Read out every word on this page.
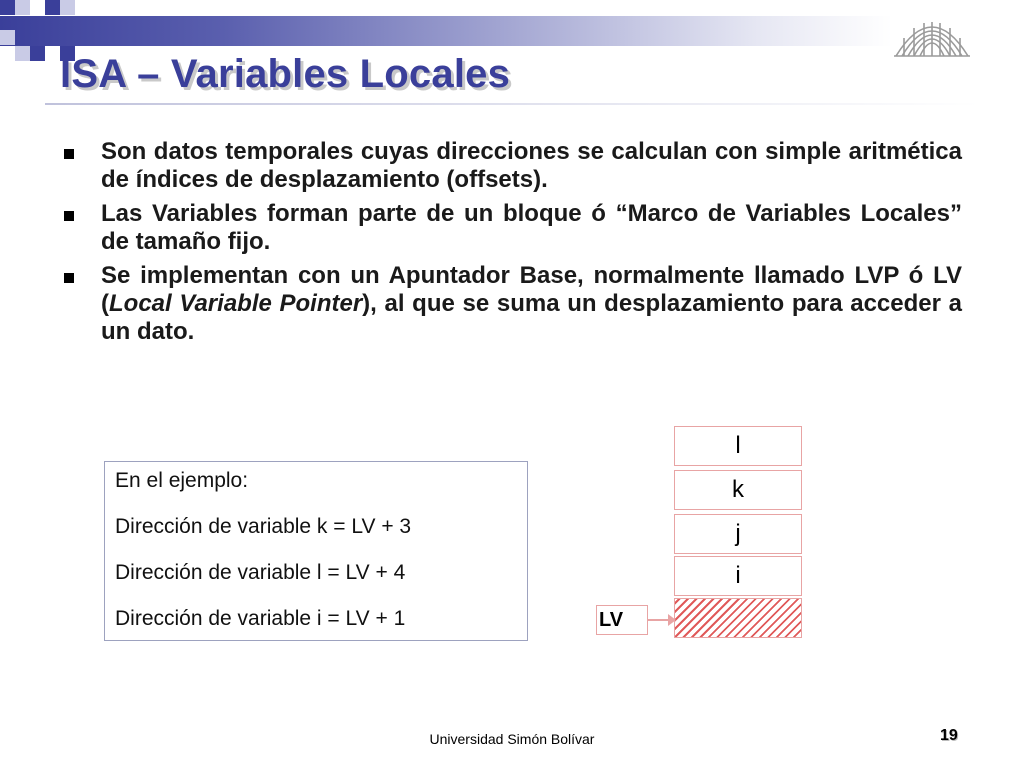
ISA – Variables Locales
Son datos temporales cuyas direcciones se calculan con simple aritmética de índices de desplazamiento (offsets).
Las Variables forman parte de un bloque ó “Marco de Variables Locales” de tamaño fijo.
Se implementan con un Apuntador Base, normalmente llamado LVP ó LV (Local Variable Pointer), al que se suma un desplazamiento para acceder a un dato.
En el ejemplo:
Dirección de variable k = LV + 3
Dirección de variable l = LV + 4
Dirección de variable i = LV + 1
l
k
j
i
LV
Universidad Simón Bolívar	19
